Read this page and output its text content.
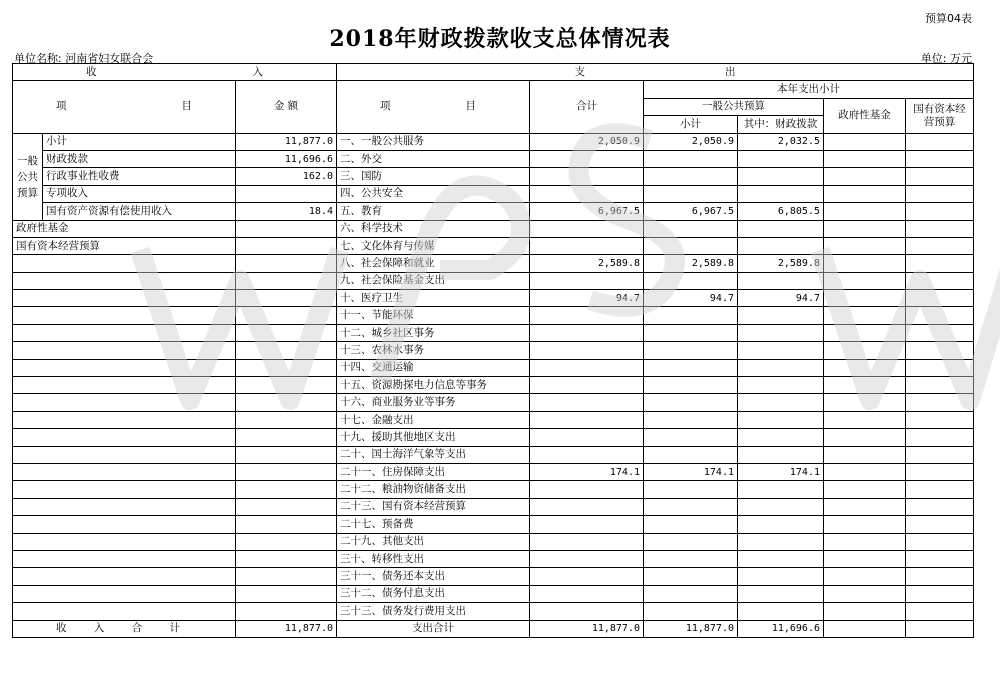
预算04表
2018年财政拨款收支总体情况表
单位名称: 河南省妇女联合会	单位: 万元
收 入			支 出					

项 目		金 额	项 目	合计	本年支出小计			
					一般公共预算		政府性基金	国有资本经营预算
					小计	其中：财政拨款		
一般公共预算	小计	11,877.0	一、一般公共服务	2,050.9	2,050.9	2,032.5		
	财政拨款	11,696.6	二、外交					
	行政事业性收费	162.0	三、国防					
	专项收入		四、公共安全					
	国有资产资源有偿使用收入	18.4	五、教育	6,967.5	6,967.5	6,805.5		
政府性基金			六、科学技术					
国有资本经营预算			七、文化体育与传媒					
			八、社会保障和就业	2,589.8	2,589.8	2,589.8		
			九、社会保险基金支出					
			十、医疗卫生	94.7	94.7	94.7		
			十一、节能环保					
			十二、城乡社区事务					
			十三、农林水事务					
			十四、交通运输					
			十五、资源勘探电力信息等事务					
			十六、商业服务业等事务					
			十七、金融支出					
			十九、援助其他地区支出					
			二十、国土海洋气象等支出					
			二十一、住房保障支出	174.1	174.1	174.1		
			二十二、粮油物资储备支出					
			二十三、国有资本经营预算					
			二十七、预备费					
			二十九、其他支出					
			三十、转移性支出					
			三十一、债务还本支出					
			三十二、债务付息支出					
			三十三、债务发行费用支出					
收 入 合 计		11,877.0	支出合计	11,877.0	11,877.0	11,696.6		
